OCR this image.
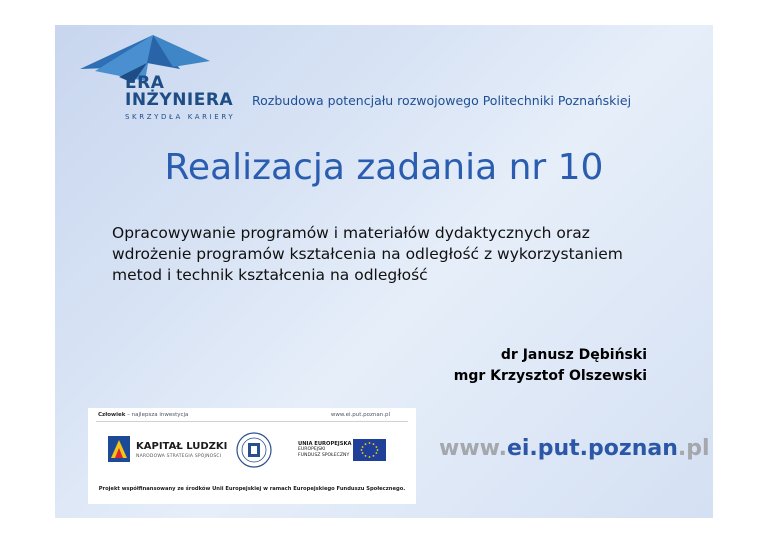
ERA
INŻYNIERA
SKRZYDŁA KARIERY
Rozbudowa potencjału rozwojowego Politechniki Poznańskiej
Realizacja zadania nr 10
Opracowywanie programów i materiałów dydaktycznych oraz wdrożenie programów kształcenia na odległość z wykorzystaniem metod i technik kształcenia na odległość
dr Janusz Dębiński
mgr Krzysztof Olszewski
Człowiek – najlepsza inwestycja	www.ei.put.poznan.pl
KAPITAŁ LUDZKI
NARODOWA STRATEGIA SPÓJNOŚCI
UNIA EUROPEJSKA
EUROPEJSKI
FUNDUSZ SPOŁECZNY
Projekt współfinansowany ze środków Unii Europejskiej w ramach Europejskiego Funduszu Społecznego.
www.ei.put.poznan.pl
